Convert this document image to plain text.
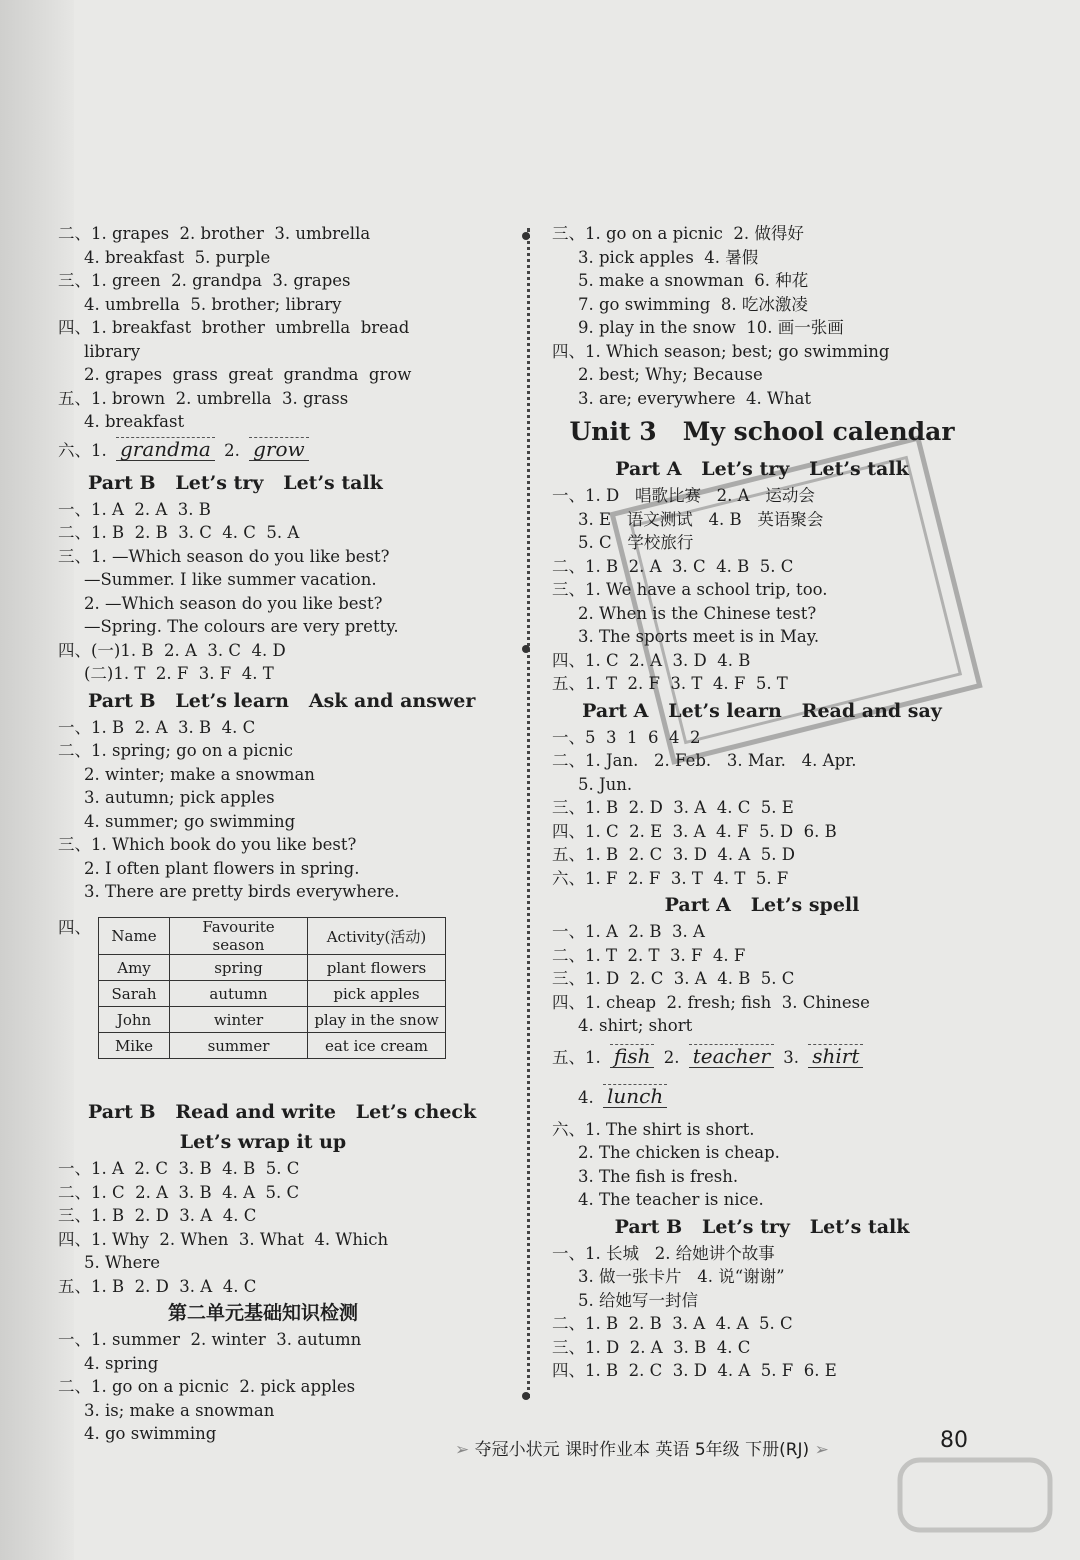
二、1. grapes  2. brother  3. umbrella
4. breakfast  5. purple
三、1. green  2. grandpa  3. grapes
4. umbrella  5. brother; library
四、1. breakfast  brother  umbrella  bread
library
2. grapes  grass  great  grandma  grow
五、1. brown  2. umbrella  3. grass
4. breakfast
六、1. grandma 2. grow
Part B   Let’s try   Let’s talk
一、1. A  2. A  3. B
二、1. B  2. B  3. C  4. C  5. A
三、1. —Which season do you like best?
—Summer. I like summer vacation.
2. —Which season do you like best?
—Spring. The colours are very pretty.
四、(一)1. B  2. A  3. C  4. D
(二)1. T  2. F  3. F  4. T
Part B   Let’s learn   Ask and answer
一、1. B  2. A  3. B  4. C
二、1. spring; go on a picnic
2. winter; make a snowman
3. autumn; pick apples
4. summer; go swimming
三、1. Which book do you like best?
2. I often plant flowers in spring.
3. There are pretty birds everywhere.
四、	Name	Favourite season	Activity(活动)
Amy	spring	plant flowers
Sarah	autumn	pick apples
John	winter	play in the snow
Mike	summer	eat ice cream
Part B   Read and write   Let’s check
Let’s wrap it up
一、1. A  2. C  3. B  4. B  5. C
二、1. C  2. A  3. B  4. A  5. C
三、1. B  2. D  3. A  4. C
四、1. Why  2. When  3. What  4. Which
5. Where
五、1. B  2. D  3. A  4. C
第二单元基础知识检测
一、1. summer  2. winter  3. autumn
4. spring
二、1. go on a picnic  2. pick apples
3. is; make a snowman
4. go swimming
三、1. go on a picnic  2. 做得好
3. pick apples  4. 暑假
5. make a snowman  6. 种花
7. go swimming  8. 吃冰激凌
9. play in the snow  10. 画一张画
四、1. Which season; best; go swimming
2. best; Why; Because
3. are; everywhere  4. What
Unit 3   My school calendar
Part A   Let’s try   Let’s talk
一、1. D   唱歌比赛   2. A   运动会
3. E   语文测试   4. B   英语聚会
5. C   学校旅行
二、1. B  2. A  3. C  4. B  5. C
三、1. We have a school trip, too.
2. When is the Chinese test?
3. The sports meet is in May.
四、1. C  2. A  3. D  4. B
五、1. T  2. F  3. T  4. F  5. T
Part A   Let’s learn   Read and say
一、5  3  1  6  4  2
二、1. Jan.   2. Feb.   3. Mar.   4. Apr.
5. Jun.
三、1. B  2. D  3. A  4. C  5. E
四、1. C  2. E  3. A  4. F  5. D  6. B
五、1. B  2. C  3. D  4. A  5. D
六、1. F  2. F  3. T  4. T  5. F
Part A   Let’s spell
一、1. A  2. B  3. A
二、1. T  2. T  3. F  4. F
三、1. D  2. C  3. A  4. B  5. C
四、1. cheap  2. fresh; fish  3. Chinese
4. shirt; short
五、1. fish 2. teacher 3. shirt
4. lunch
六、1. The shirt is short.
2. The chicken is cheap.
3. The fish is fresh.
4. The teacher is nice.
Part B   Let’s try   Let’s talk
一、1. 长城   2. 给她讲个故事
3. 做一张卡片   4. 说“谢谢”
5. 给她写一封信
二、1. B  2. B  3. A  4. A  5. C
三、1. D  2. A  3. B  4. C
四、1. B  2. C  3. D  4. A  5. F  6. E
➢ 夺冠小状元 课时作业本 英语 5年级 下册(RJ) ➢	80
